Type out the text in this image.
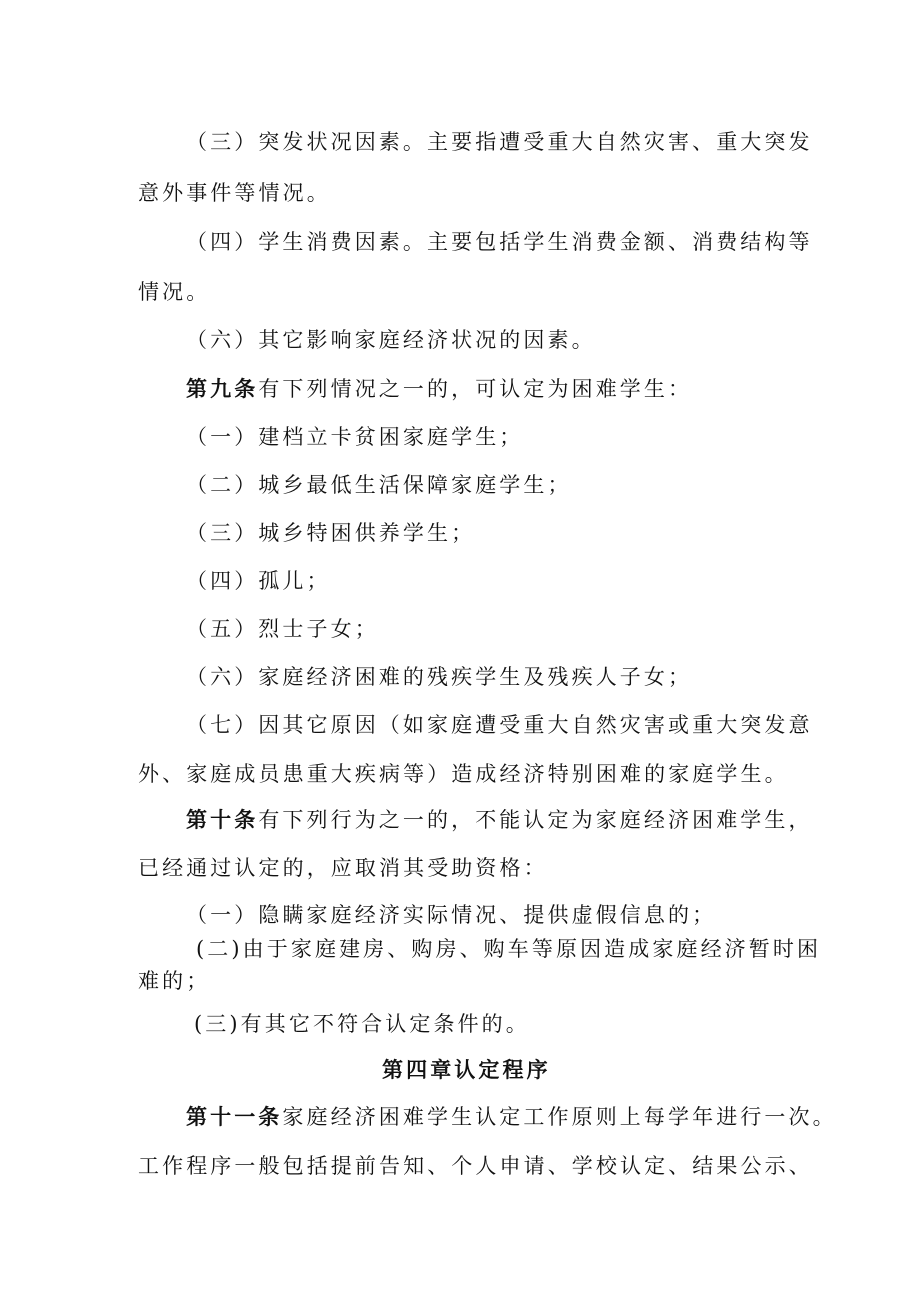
（三）突发状况因素。主要指遭受重大自然灾害、重大突发
意外事件等情况。
（四）学生消费因素。主要包括学生消费金额、消费结构等
情况。
（六）其它影响家庭经济状况的因素。
第九条有下列情况之一的，可认定为困难学生：
（一）建档立卡贫困家庭学生；
（二）城乡最低生活保障家庭学生；
（三）城乡特困供养学生；
（四）孤儿；
（五）烈士子女；
（六）家庭经济困难的残疾学生及残疾人子女；
（七）因其它原因（如家庭遭受重大自然灾害或重大突发意
外、家庭成员患重大疾病等）造成经济特别困难的家庭学生。
第十条有下列行为之一的，不能认定为家庭经济困难学生，
已经通过认定的，应取消其受助资格：
（一）隐瞒家庭经济实际情况、提供虚假信息的；
(二)由于家庭建房、购房、购车等原因造成家庭经济暂时困
难的；
(三)有其它不符合认定条件的。
第四章认定程序
第十一条家庭经济困难学生认定工作原则上每学年进行一次。
工作程序一般包括提前告知、个人申请、学校认定、结果公示、
